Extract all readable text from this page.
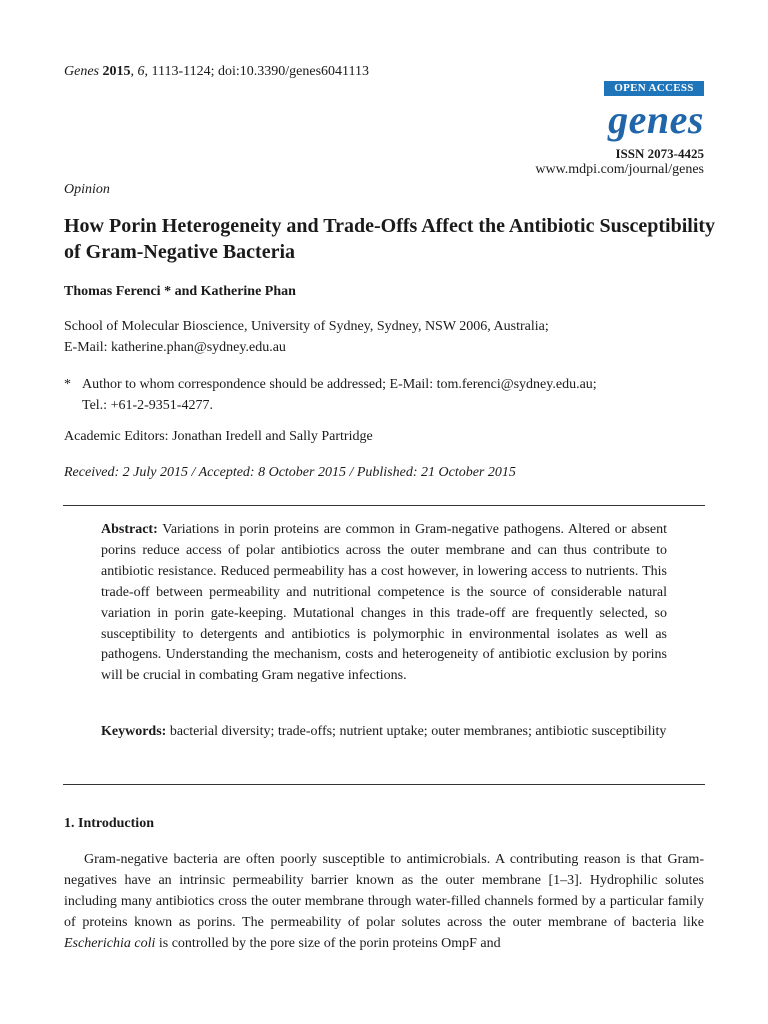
Genes 2015, 6, 1113-1124; doi:10.3390/genes6041113
OPEN ACCESS
genes
ISSN 2073-4425
www.mdpi.com/journal/genes
Opinion
How Porin Heterogeneity and Trade-Offs Affect the Antibiotic Susceptibility of Gram-Negative Bacteria
Thomas Ferenci * and Katherine Phan
School of Molecular Bioscience, University of Sydney, Sydney, NSW 2006, Australia;
E-Mail: katherine.phan@sydney.edu.au
* Author to whom correspondence should be addressed; E-Mail: tom.ferenci@sydney.edu.au;
Tel.: +61-2-9351-4277.
Academic Editors: Jonathan Iredell and Sally Partridge
Received: 2 July 2015 / Accepted: 8 October 2015 / Published: 21 October 2015

Abstract: Variations in porin proteins are common in Gram-negative pathogens. Altered or absent porins reduce access of polar antibiotics across the outer membrane and can thus contribute to antibiotic resistance. Reduced permeability has a cost however, in lowering access to nutrients. This trade-off between permeability and nutritional competence is the source of considerable natural variation in porin gate-keeping. Mutational changes in this trade-off are frequently selected, so susceptibility to detergents and antibiotics is polymorphic in environmental isolates as well as pathogens. Understanding the mechanism, costs and heterogeneity of antibiotic exclusion by porins will be crucial in combating Gram negative infections.

Keywords: bacterial diversity; trade-offs; nutrient uptake; outer membranes; antibiotic susceptibility

1. Introduction

Gram-negative bacteria are often poorly susceptible to antimicrobials. A contributing reason is that Gram-negatives have an intrinsic permeability barrier known as the outer membrane [1–3]. Hydrophilic solutes including many antibiotics cross the outer membrane through water-filled channels formed by a particular family of proteins known as porins. The permeability of polar solutes across the outer membrane of bacteria like Escherichia coli is controlled by the pore size of the porin proteins OmpF and
